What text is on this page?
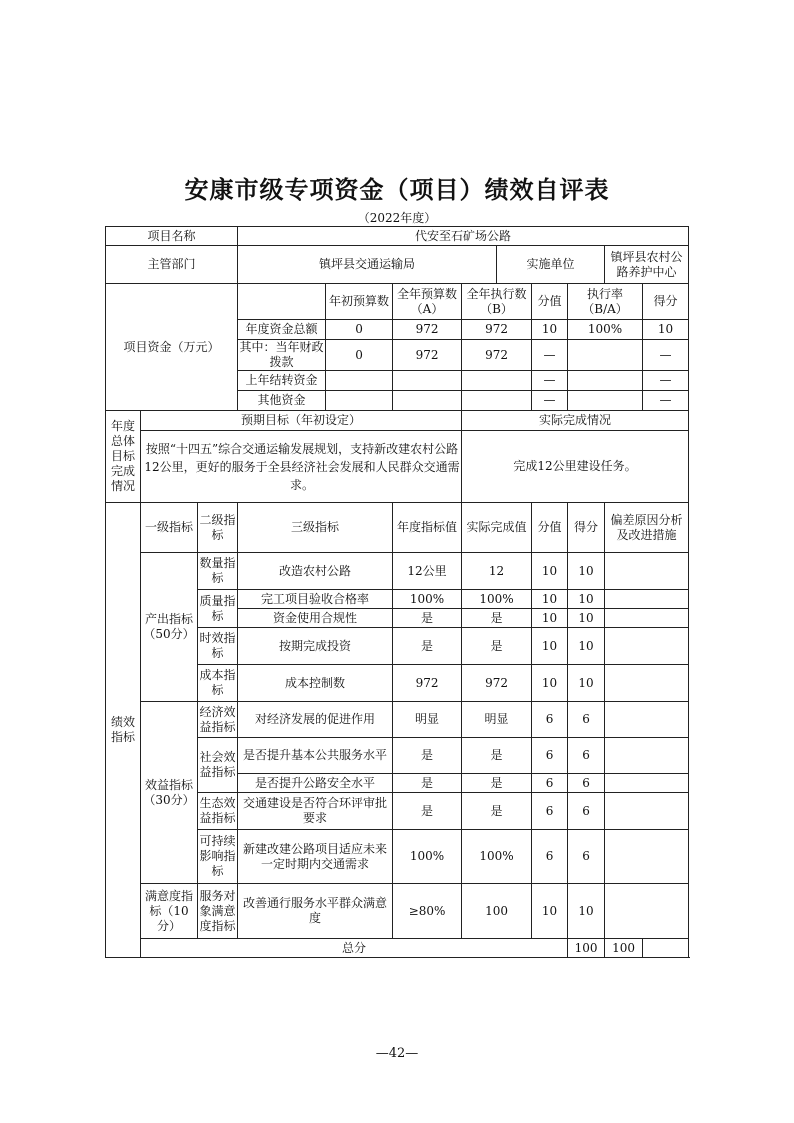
安康市级专项资金（项目）绩效自评表
（2022年度）
项目名称			代安至石矿场公路								
主管部门			镇坪县交通运输局				实施单位			镇坪县农村公路养护中心	
项目资金（万元）				年初预算数	全年预算数（A）	全年执行数（B）		分值	执行率（B/A）		得分
			年度资金总额	0	972	972		10	100%		10
			其中：当年财政拨款	0	972	972		—			—
			上年结转资金					—			—
			其他资金					—			—
年度总体目标完成情况	预期目标（年初设定）					实际完成情况					
	按照“十四五”综合交通运输发展规划，支持新改建农村公路12公里，更好的服务于全县经济社会发展和人民群众交通需求。					完成12公里建设任务。					
绩效指标	一级指标	二级指标	三级指标		年度指标值	实际完成值		分值	得分	偏差原因分析及改进措施	
	产出指标（50分）	数量指标	改造农村公路		12公里	12		10	10		
		质量指标	完工项目验收合格率		100%	100%		10	10		
			资金使用合规性		是	是		10	10		
		时效指标	按期完成投资		是	是		10	10		
		成本指标	成本控制数		972	972		10	10		
	效益指标（30分）	经济效益指标	对经济发展的促进作用		明显	明显		6	6		
		社会效益指标	是否提升基本公共服务水平		是	是		6	6		
			是否提升公路安全水平		是	是		6	6		
		生态效益指标	交通建设是否符合环评审批要求		是	是		6	6		
		可持续影响指标	新建改建公路项目适应未来一定时期内交通需求		100%	100%		6	6		
	满意度指标（10分）	服务对象满意度指标	改善通行服务水平群众满意度		≥80%	100		10	10		
	总分								100	100	
—42—
